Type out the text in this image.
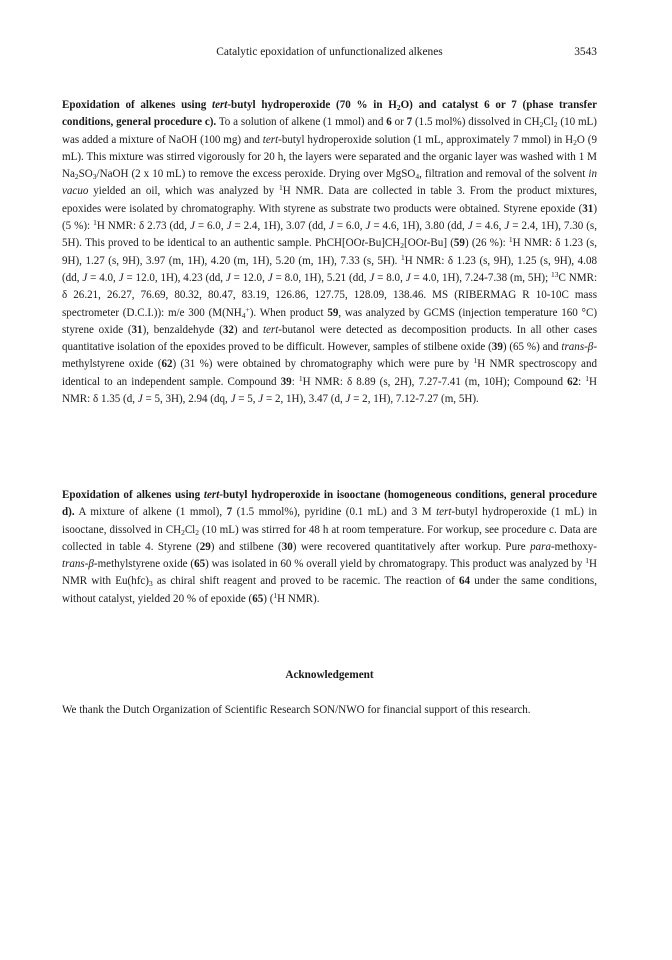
Catalytic epoxidation of unfunctionalized alkenes	3543

Epoxidation of alkenes using tert-butyl hydroperoxide (70 % in $H_2O$) and catalyst 6 or 7 (phase transfer conditions, general procedure c). To a solution of alkene (1 mmol) and 6 or 7 (1.5 mol%) dissolved in $CH_2Cl_2$ (10 mL) was added a mixture of NaOH (100 mg) and tert-butyl hydroperoxide solution (1 mL, approximately 7 mmol) in $H_2O$ (9 mL). This mixture was stirred vigorously for 20 h, the layers were separated and the organic layer was washed with 1 M $Na_2SO_3$/NaOH (2 x 10 mL) to remove the excess peroxide. Drying over MgSO$_4$, filtration and removal of the solvent in vacuo yielded an oil, which was analyzed by $^1$H NMR. Data are collected in table 3. From the product mixtures, epoxides were isolated by chromatography. With styrene as substrate two products were obtained. Styrene epoxide (31) (5 %): $^1$H NMR: δ 2.73 (dd, J = 6.0, J = 2.4, 1H), 3.07 (dd, J = 6.0, J = 4.6, 1H), 3.80 (dd, J = 4.6, J = 2.4, 1H), 7.30 (s, 5H). This proved to be identical to an authentic sample. $PhCH[OOt-Bu]CH_2[OOt-Bu]$ (59) (26 %): $^1$H NMR: δ 1.23 (s, 9H), 1.27 (s, 9H), 3.97 (m, 1H), 4.20 (m, 1H), 5.20 (m, 1H), 7.33 (s, 5H). $^1$H NMR: δ 1.23 (s, 9H), 1.25 (s, 9H), 4.08 (dd, J = 4.0, J = 12.0, 1H), 4.23 (dd, J = 12.0, J = 8.0, 1H), 5.21 (dd, J = 8.0, J = 4.0, 1H), 7.24-7.38 (m, 5H); $^{13}$C NMR: δ 26.21, 26.27, 76.69, 80.32, 80.47, 83.19, 126.86, 127.75, 128.09, 138.46. MS (RIBERMAG R 10-10C mass spectrometer (D.C.I.)): m/e 300 ($M(NH_4^+)$. When product 59, was analyzed by GCMS (injection temperature 160 °C) styrene oxide (31), benzaldehyde (32) and tert-butanol were detected as decomposition products. In all other cases quantitative isolation of the epoxides proved to be difficult. However, samples of stilbene oxide (39) (65 %) and trans-β-methylstyrene oxide (62) (31 %) were obtained by chromatography which were pure by $^1$H NMR spectroscopy and identical to an independent sample. Compound 39: $^1$H NMR: δ 8.89 (s, 2H), 7.27-7.41 (m, 10H); Compound 62: $^1$H NMR: δ 1.35 (d, J = 5, 3H), 2.94 (dq, J = 5, J = 2, 1H), 3.47 (d, J = 2, 1H), 7.12-7.27 (m, 5H).

Epoxidation of alkenes using tert-butyl hydroperoxide in isooctane (homogeneous conditions, general procedure d). A mixture of alkene (1 mmol), 7 (1.5 mmol%), pyridine (0.1 mL) and 3 M tert-butyl hydroperoxide (1 mL) in isooctane, dissolved in $CH_2Cl_2$ (10 mL) was stirred for 48 h at room temperature. For workup, see procedure c. Data are collected in table 4. Styrene (29) and stilbene (30) were recovered quantitatively after workup. Pure para-methoxy-trans-β-methylstyrene oxide (65) was isolated in 60 % overall yield by chromatograpy. This product was analyzed by $^1$H NMR with $Eu(hfc)_3$ as chiral shift reagent and proved to be racemic. The reaction of 64 under the same conditions, without catalyst, yielded 20 % of epoxide (65) ($^1$H NMR).

Acknowledgement

We thank the Dutch Organization of Scientific Research SON/NWO for financial support of this research.
